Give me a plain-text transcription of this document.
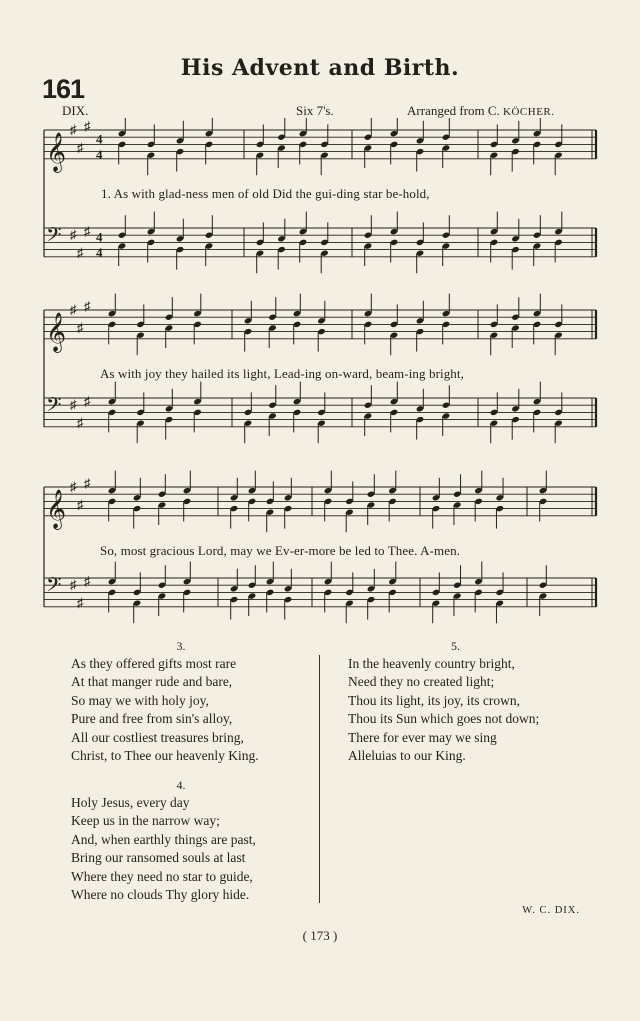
His Advent and Birth.
161
DIX.	Six 7's.	Arranged from C. KÖCHER.
𝄞
♯
♯
♯
4
4
𝄢 ♯
♯
♯ 4
4
𝄞
♯
♯
♯
𝄢 ♯
♯
♯
𝄞
♯
♯
♯
𝄢 ♯
♯
♯
1. As with glad-ness men of old Did the gui-ding star be-hold,
As with joy they hailed its light, Lead-ing on-ward, beam-ing bright,
So, most gracious Lord, may we Ev-er-more be led to Thee. A-men.
3.
As they offered gifts most rare
At that manger rude and bare,
So may we with holy joy,
Pure and free from sin's alloy,
All our costliest treasures bring,
Christ, to Thee our heavenly King.
4.
Holy Jesus, every day
Keep us in the narrow way;
And, when earthly things are past,
Bring our ransomed souls at last
Where they need no star to guide,
Where no clouds Thy glory hide.
5.
In the heavenly country bright,
Need they no created light;
Thou its light, its joy, its crown,
Thou its Sun which goes not down;
There for ever may we sing
Alleluias to our King.
W. C. DIX.
( 173 )
